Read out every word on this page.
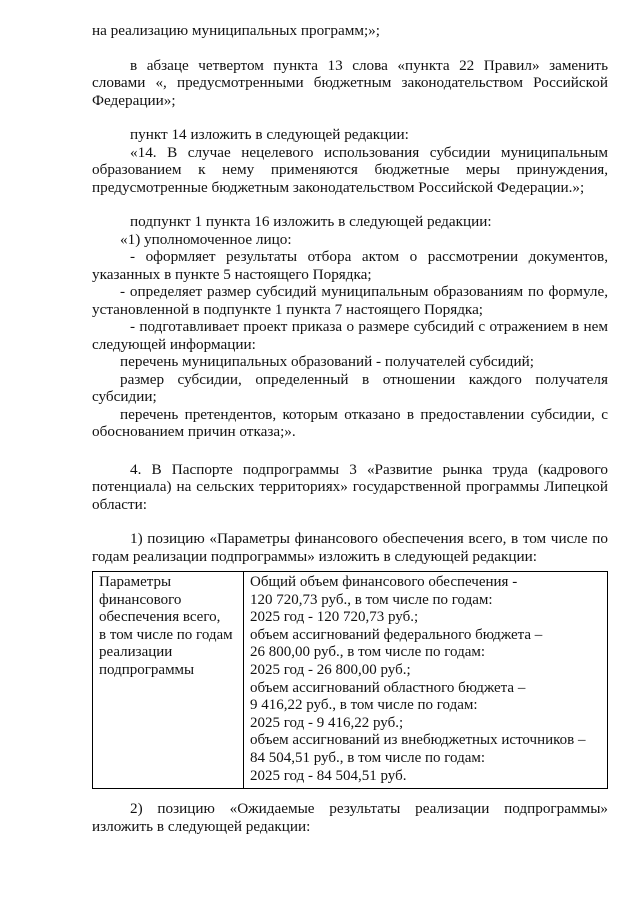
на реализацию муниципальных программ;»;

в абзаце четвертом пункта 13 слова «пункта 22 Правил» заменить

словами «, предусмотренными бюджетным законодательством Российской

Федерации»;

пункт 14 изложить в следующей редакции:

«14. В случае нецелевого использования субсидии муниципальным

образованием к нему применяются бюджетные меры принуждения,

предусмотренные бюджетным законодательством Российской Федерации.»;

подпункт 1 пункта 16 изложить в следующей редакции:

«1) уполномоченное лицо:

- оформляет результаты отбора актом о рассмотрении документов,

указанных в пункте 5 настоящего Порядка;

- определяет размер субсидий муниципальным образованиям по формуле,

установленной в подпункте 1 пункта 7 настоящего Порядка;

- подготавливает проект приказа о размере субсидий с отражением в нем

следующей информации:

перечень муниципальных образований - получателей субсидий;

размер субсидии, определенный в отношении каждого получателя

субсидии;

перечень претендентов, которым отказано в предоставлении субсидии, с

обоснованием причин отказа;».

4. В Паспорте подпрограммы 3 «Развитие рынка труда (кадрового

потенциала) на сельских территориях» государственной программы Липецкой

области:

1) позицию «Параметры финансового обеспечения всего, в том числе по

годам реализации подпрограммы» изложить в следующей редакции:

Параметры
финансового
обеспечения всего,
в том числе по годам
реализации
подпрограммы

Общий объем финансового обеспечения -
120 720,73 руб., в том числе по годам:
2025 год - 120 720,73 руб.;
объем ассигнований федерального бюджета –
26 800,00 руб., в том числе по годам:
2025 год - 26 800,00 руб.;
объем ассигнований областного бюджета –
9 416,22 руб., в том числе по годам:
2025 год - 9 416,22 руб.;
объем ассигнований из внебюджетных источников –
84 504,51 руб., в том числе по годам:
2025 год - 84 504,51 руб.

2) позицию «Ожидаемые результаты реализации подпрограммы»

изложить в следующей редакции:
